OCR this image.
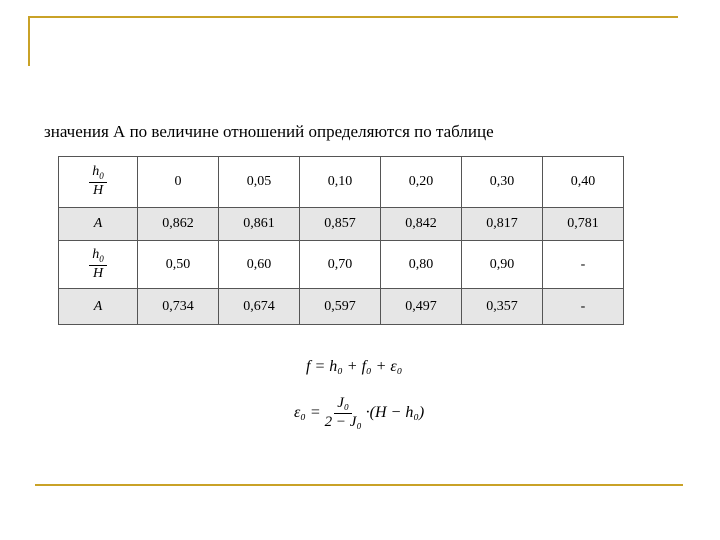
значения А по величине отношений определяются по таблице
$\frac{h_0}{H}$	0	0,05	0,10	0,20	0,30	0,40
A	0,862	0,861	0,857	0,842	0,817	0,781

$\frac{h_0}{H}$	0,50	0,60	0,70	0,80	0,90	-
A	0,734	0,674	0,597	0,497	0,357	-
f = h₀ + f₀ + ε₀
$\varepsilon_0 = \frac{\text{J₀}}{\text{2 − J₀}} \cdot(H - h_0)$
